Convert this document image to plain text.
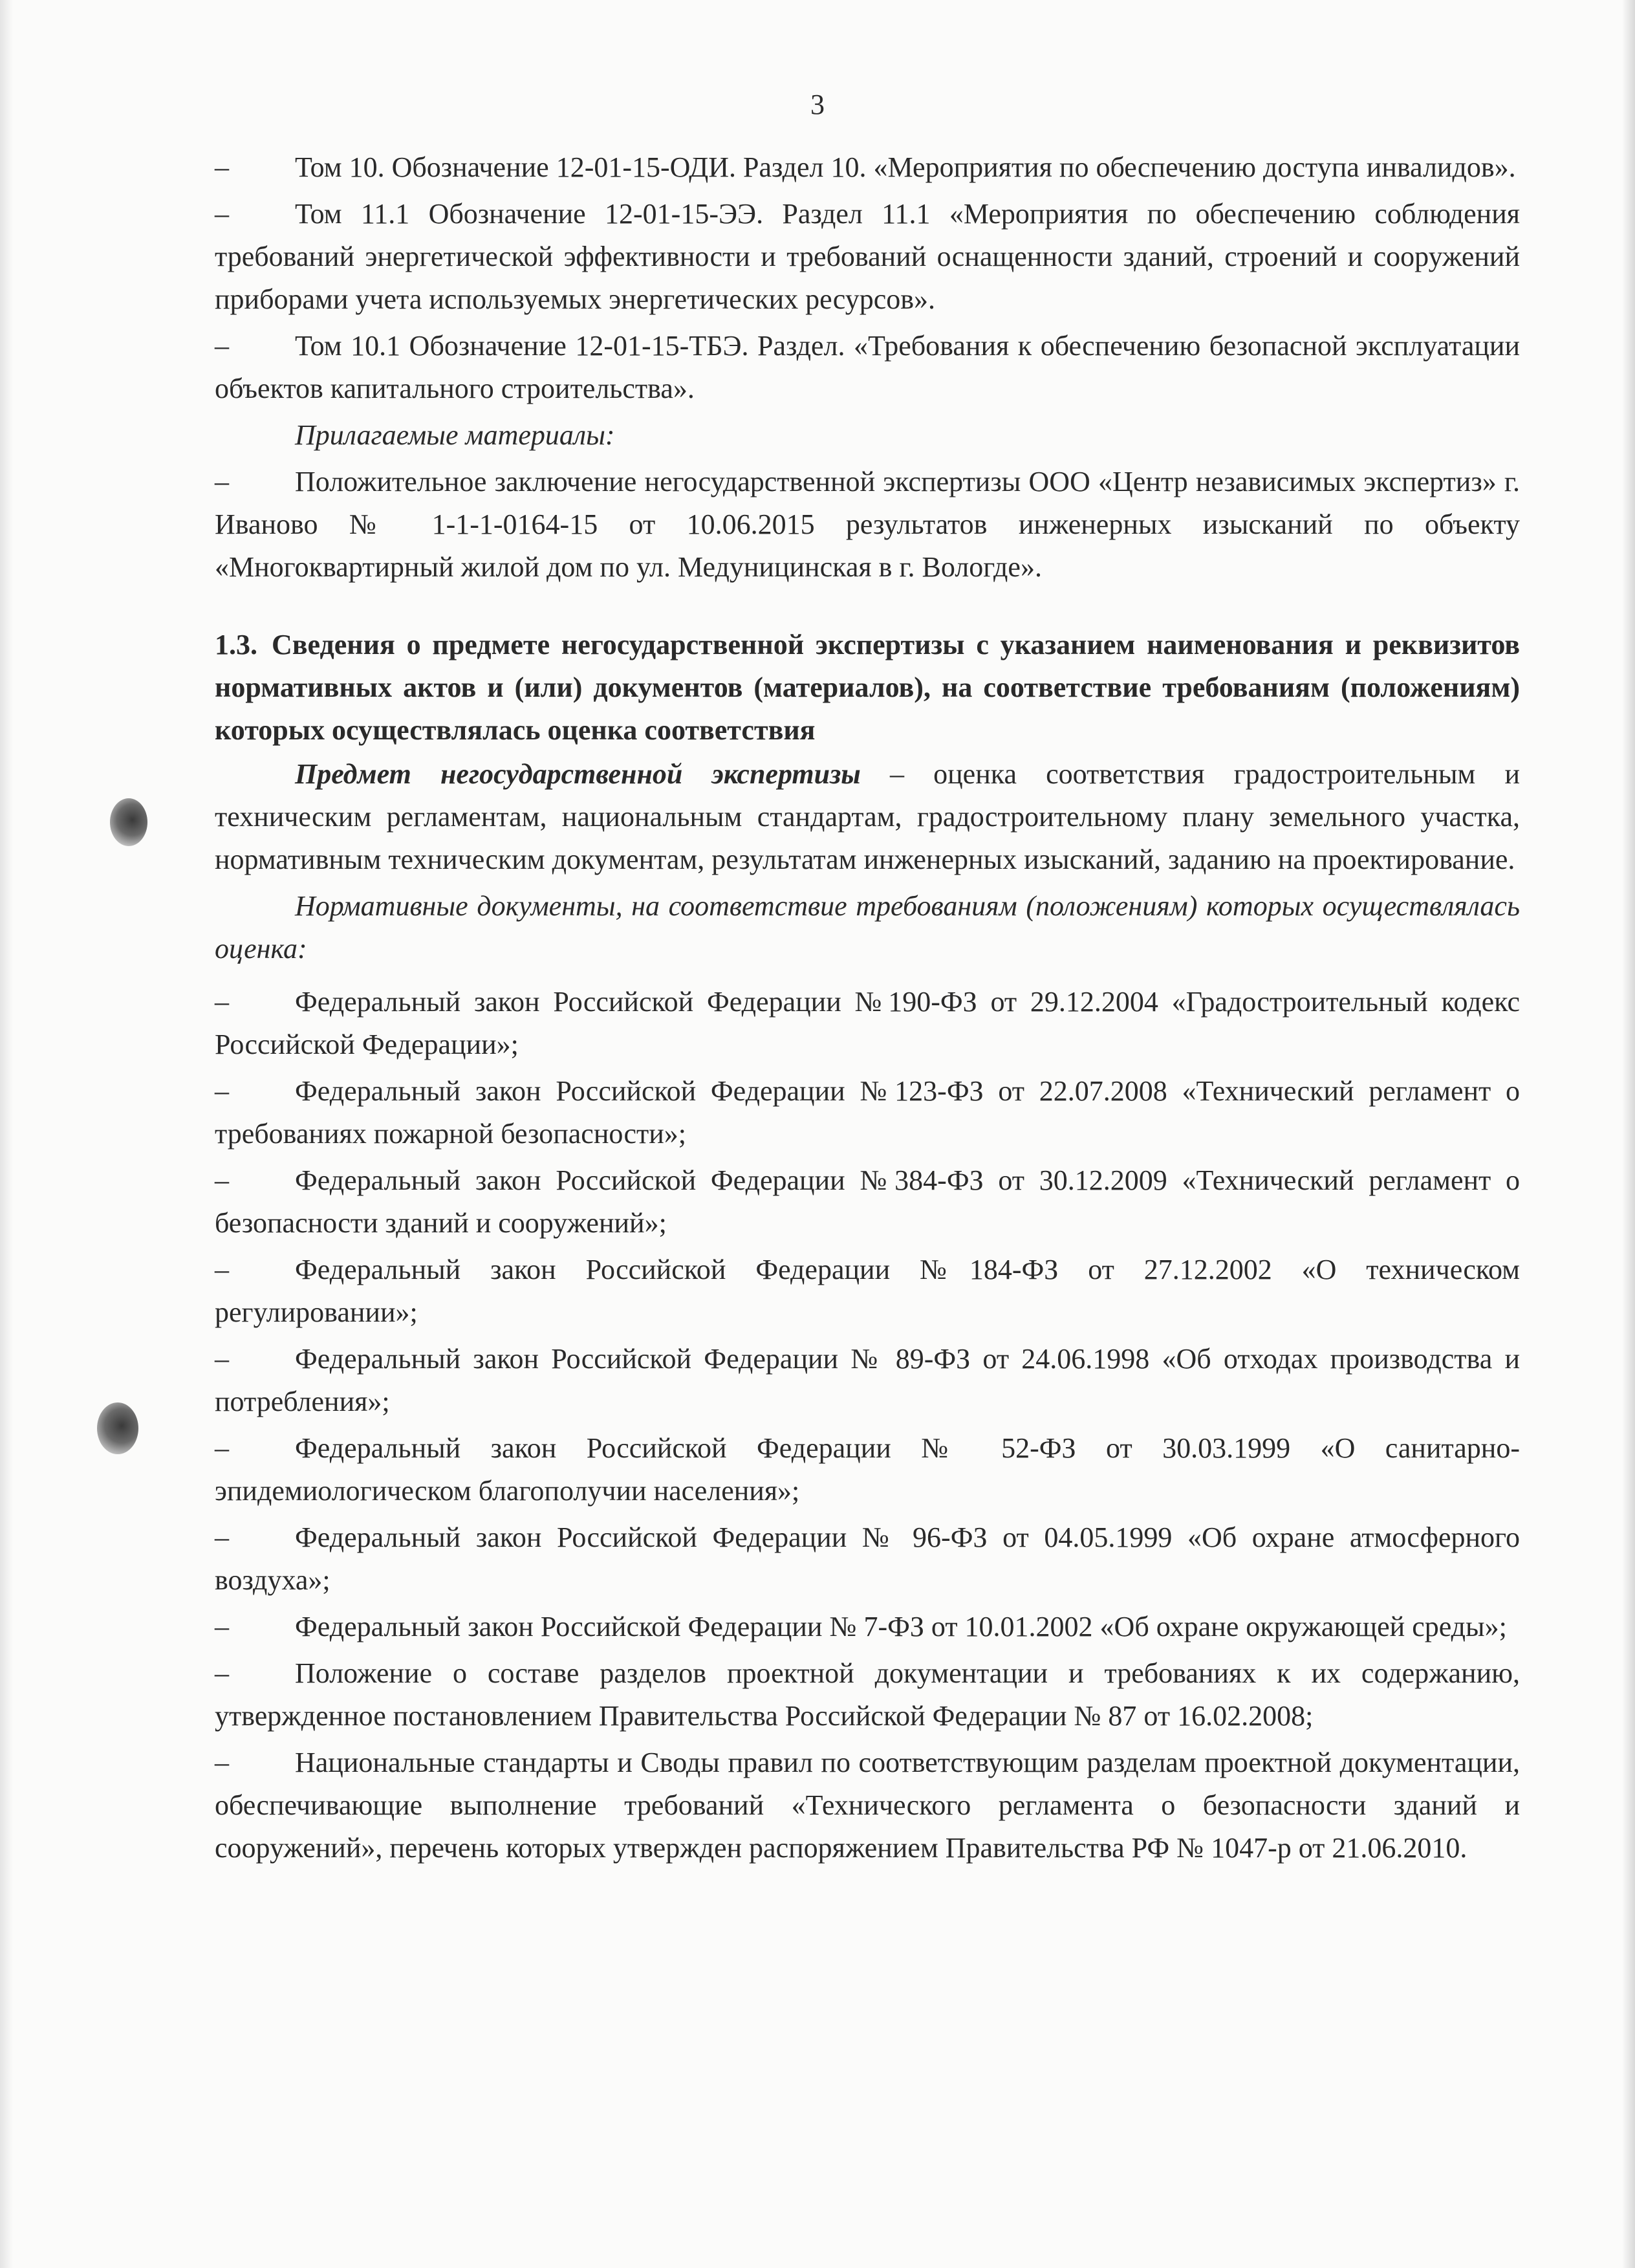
3

– Том 10. Обозначение 12-01-15-ОДИ. Раздел 10. «Мероприятия по обеспечению доступа инвалидов».

– Том 11.1 Обозначение 12-01-15-ЭЭ. Раздел 11.1 «Мероприятия по обеспечению соблюдения требований энергетической эффективности и требований оснащенности зданий, строений и сооружений приборами учета используемых энергетических ресурсов».

– Том 10.1 Обозначение 12-01-15-ТБЭ. Раздел. «Требования к обеспечению безопасной эксплуатации объектов капитального строительства».

Прилагаемые материалы:

– Положительное заключение негосударственной экспертизы ООО «Центр независимых экспертиз» г. Иваново № 1-1-1-0164-15 от 10.06.2015 результатов инженерных изысканий по объекту «Многоквартирный жилой дом по ул. Медуницинская в г. Вологде».

1.3. Сведения о предмете негосударственной экспертизы с указанием наименования и реквизитов нормативных актов и (или) документов (материалов), на соответствие требованиям (положениям) которых осуществлялась оценка соответствия

Предмет негосударственной экспертизы – оценка соответствия градостроительным и техническим регламентам, национальным стандартам, градостроительному плану земельного участка, нормативным техническим документам, результатам инженерных изысканий, заданию на проектирование.

Нормативные документы, на соответствие требованиям (положениям) которых осуществлялась оценка:

– Федеральный закон Российской Федерации №190-ФЗ от 29.12.2004 «Градостроительный кодекс Российской Федерации»;

– Федеральный закон Российской Федерации №123-ФЗ от 22.07.2008 «Технический регламент о требованиях пожарной безопасности»;

– Федеральный закон Российской Федерации №384-ФЗ от 30.12.2009 «Технический регламент о безопасности зданий и сооружений»;

– Федеральный закон Российской Федерации №184-ФЗ от 27.12.2002 «О техническом регулировании»;

– Федеральный закон Российской Федерации № 89-ФЗ от 24.06.1998 «Об отходах производства и потребления»;

– Федеральный закон Российской Федерации № 52-ФЗ от 30.03.1999 «О санитарно-эпидемиологическом благополучии населения»;

– Федеральный закон Российской Федерации № 96-ФЗ от 04.05.1999 «Об охране атмосферного воздуха»;

– Федеральный закон Российской Федерации № 7-ФЗ от 10.01.2002 «Об охране окружающей среды»;

– Положение о составе разделов проектной документации и требованиях к их содержанию, утвержденное постановлением Правительства Российской Федерации № 87 от 16.02.2008;

– Национальные стандарты и Своды правил по соответствующим разделам проектной документации, обеспечивающие выполнение требований «Технического регламента о безопасности зданий и сооружений», перечень которых утвержден распоряжением Правительства РФ № 1047-р от 21.06.2010.
